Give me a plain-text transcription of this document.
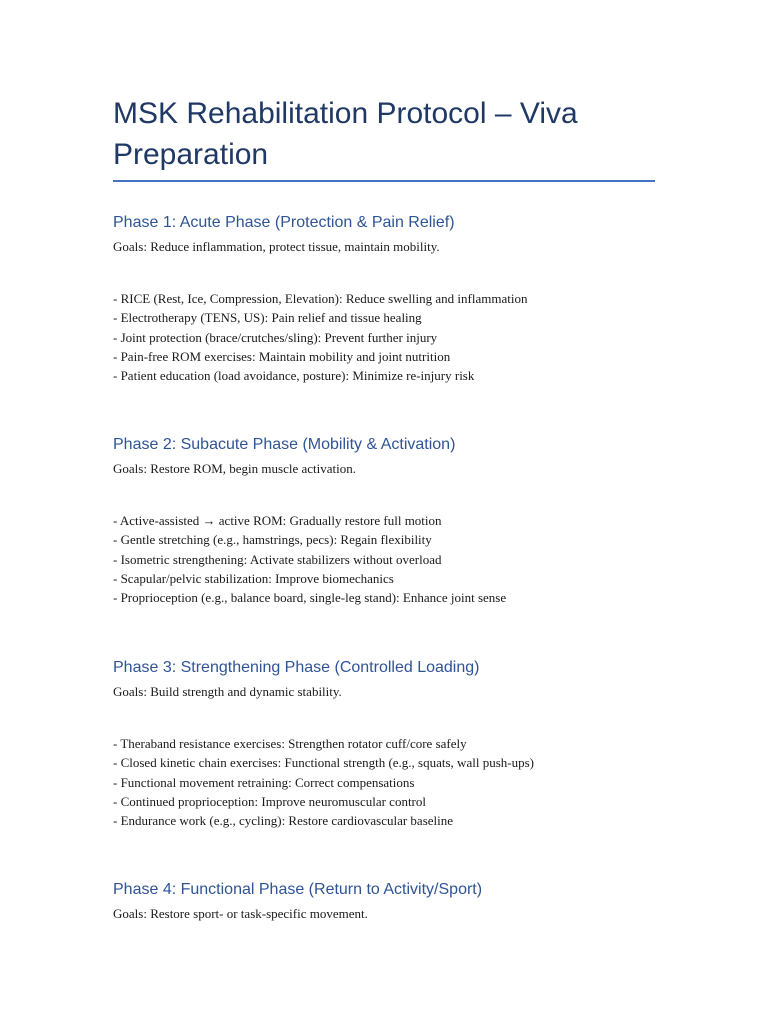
MSK Rehabilitation Protocol – Viva Preparation
Phase 1: Acute Phase (Protection & Pain Relief)
Goals: Reduce inflammation, protect tissue, maintain mobility.
- RICE (Rest, Ice, Compression, Elevation): Reduce swelling and inflammation
- Electrotherapy (TENS, US): Pain relief and tissue healing
- Joint protection (brace/crutches/sling): Prevent further injury
- Pain-free ROM exercises: Maintain mobility and joint nutrition
- Patient education (load avoidance, posture): Minimize re-injury risk
Phase 2: Subacute Phase (Mobility & Activation)
Goals: Restore ROM, begin muscle activation.
- Active-assisted → active ROM: Gradually restore full motion
- Gentle stretching (e.g., hamstrings, pecs): Regain flexibility
- Isometric strengthening: Activate stabilizers without overload
- Scapular/pelvic stabilization: Improve biomechanics
- Proprioception (e.g., balance board, single-leg stand): Enhance joint sense
Phase 3: Strengthening Phase (Controlled Loading)
Goals: Build strength and dynamic stability.
- Theraband resistance exercises: Strengthen rotator cuff/core safely
- Closed kinetic chain exercises: Functional strength (e.g., squats, wall push-ups)
- Functional movement retraining: Correct compensations
- Continued proprioception: Improve neuromuscular control
- Endurance work (e.g., cycling): Restore cardiovascular baseline
Phase 4: Functional Phase (Return to Activity/Sport)
Goals: Restore sport- or task-specific movement.
